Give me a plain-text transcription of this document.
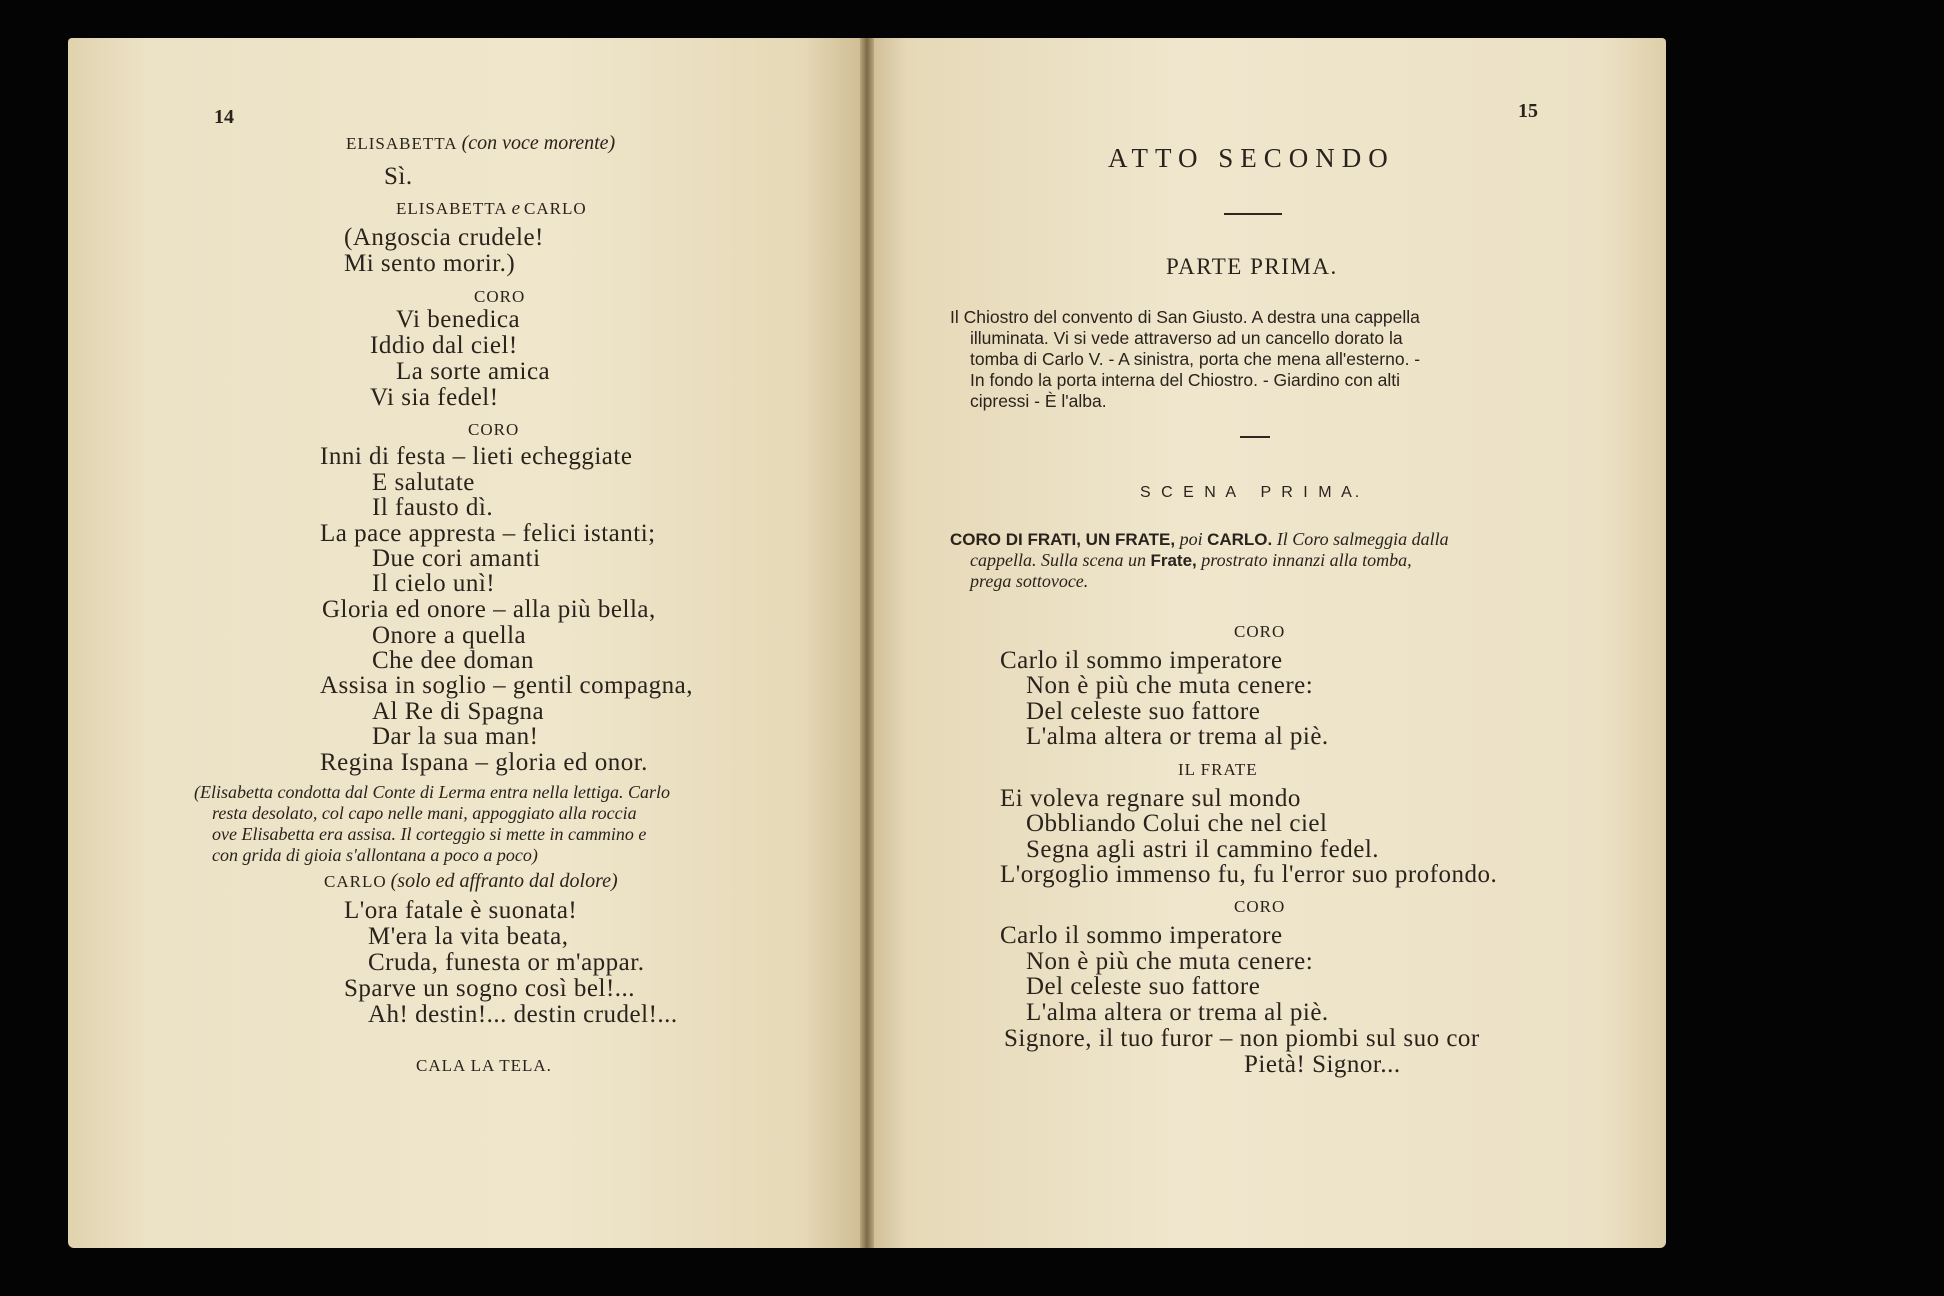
14
ELISABETTA (con voce morente)
Sì.
ELISABETTA e CARLO
(Angoscia crudele!
Mi sento morir.)
CORO
Vi benedica
Iddio dal ciel!
La sorte amica
Vi sia fedel!
CORO
Inni di festa – lieti echeggiate
E salutate
Il fausto dì.
La pace appresta – felici istanti;
Due cori amanti
Il cielo unì!
Gloria ed onore – alla più bella,
Onore a quella
Che dee doman
Assisa in soglio – gentil compagna,
Al Re di Spagna
Dar la sua man!
Regina Ispana – gloria ed onor.
(Elisabetta condotta dal Conte di Lerma entra nella lettiga. Carlo
resta desolato, col capo nelle mani, appoggiato alla roccia
ove Elisabetta era assisa. Il corteggio si mette in cammino e
con grida di gioia s'allontana a poco a poco)
CARLO (solo ed affranto dal dolore)
L'ora fatale è suonata!
M'era la vita beata,
Cruda, funesta or m'appar.
Sparve un sogno così bel!...
Ah! destin!... destin crudel!...
CALA LA TELA.
15
ATTO SECONDO
PARTE PRIMA.
Il Chiostro del convento di San Giusto. A destra una cappella
illuminata. Vi si vede attraverso ad un cancello dorato la
tomba di Carlo V. - A sinistra, porta che mena all'esterno. -
In fondo la porta interna del Chiostro. - Giardino con alti
cipressi - È l'alba.
S C E N A   P R I M A.
CORO DI FRATI, UN FRATE, poi CARLO. Il Coro salmeggia dalla
cappella. Sulla scena un Frate, prostrato innanzi alla tomba,
prega sottovoce.
CORO
Carlo il sommo imperatore
Non è più che muta cenere:
Del celeste suo fattore
L'alma altera or trema al piè.
IL FRATE
Ei voleva regnare sul mondo
Obbliando Colui che nel ciel
Segna agli astri il cammino fedel.
L'orgoglio immenso fu, fu l'error suo profondo.
CORO
Carlo il sommo imperatore
Non è più che muta cenere:
Del celeste suo fattore
L'alma altera or trema al piè.
Signore, il tuo furor – non piombi sul suo cor
Pietà! Signor...
